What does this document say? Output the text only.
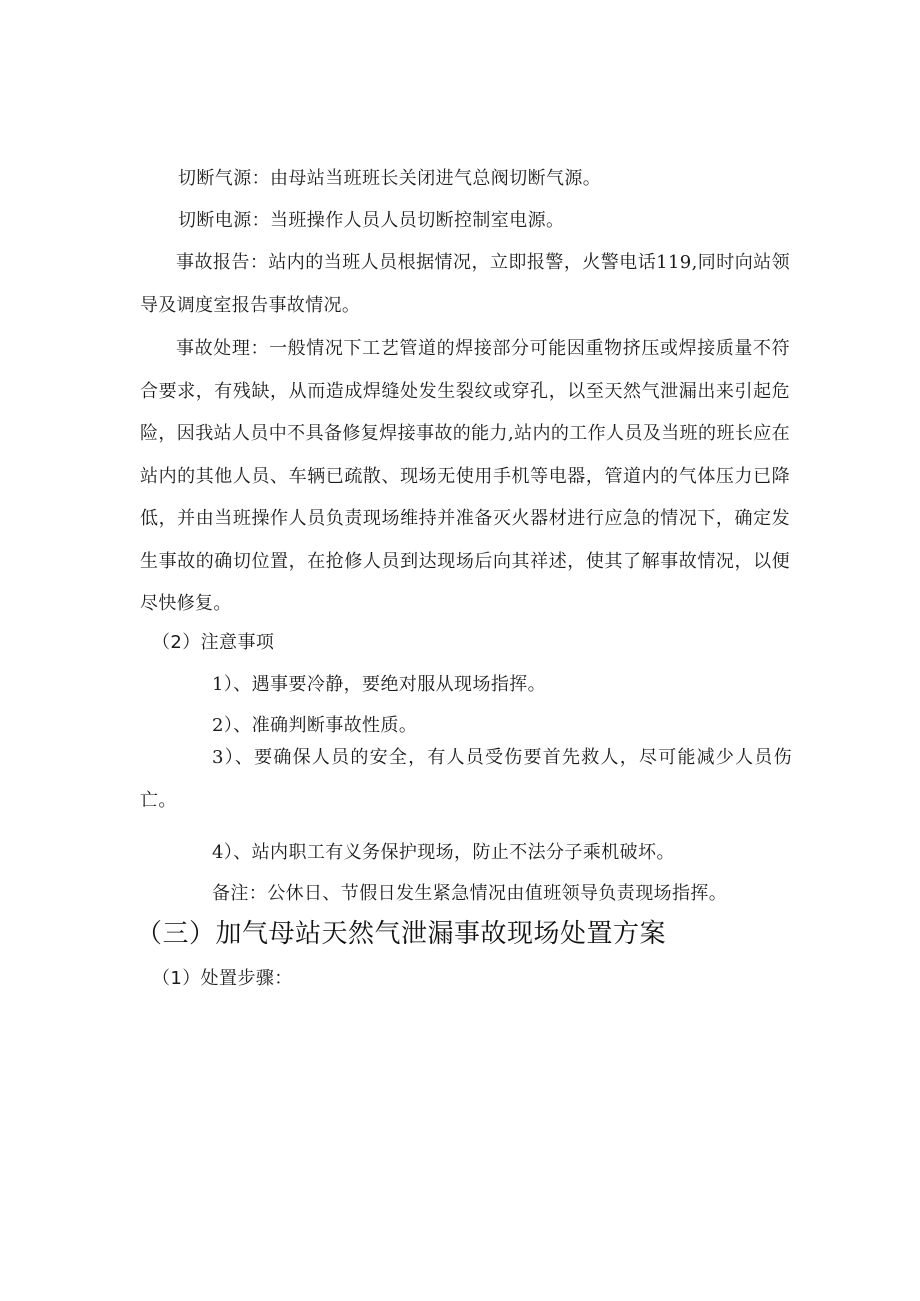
切断气源：由母站当班班长关闭进气总阀切断气源。
切断电源：当班操作人员人员切断控制室电源。

事故报告：站内的当班人员根据情况，立即报警，火警电话119,同时向站领导及调度室报告事故情况。

事故处理：一般情况下工艺管道的焊接部分可能因重物挤压或焊接质量不符合要求，有残缺，从而造成焊缝处发生裂纹或穿孔，以至天然气泄漏出来引起危险，因我站人员中不具备修复焊接事故的能力,站内的工作人员及当班的班长应在站内的其他人员、车辆已疏散、现场无使用手机等电器，管道内的气体压力已降低，并由当班操作人员负责现场维持并准备灭火器材进行应急的情况下，确定发生事故的确切位置，在抢修人员到达现场后向其祥述，使其了解事故情况，以便尽快修复。

（2）注意事项
1）、遇事要冷静，要绝对服从现场指挥。
2）、准确判断事故性质。

3）、要确保人员的安全，有人员受伤要首先救人，尽可能减少人员伤亡。

4）、站内职工有义务保护现场，防止不法分子乘机破坏。
备注：公休日、节假日发生紧急情况由值班领导负责现场指挥。
（三）加气母站天然气泄漏事故现场处置方案
（1）处置步骤：
